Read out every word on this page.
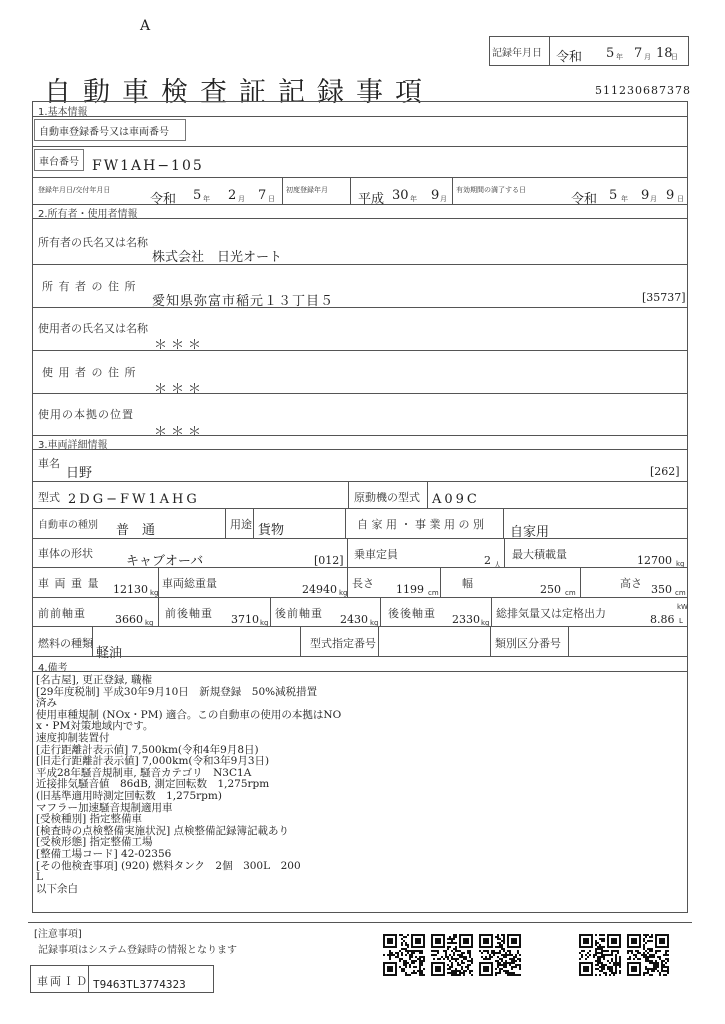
A
自動車検査証記録事項
記録年月日 令和 5 年 7 月 18
日
511230687378
1.基本情報
自動車登録番号又は車両番号
車台番号 FW1AH−105
登録年月日/交付年月日
令和 5 年 2 月 7 日
初度登録年月
平成 30 年 9 月
有効期間の満了する日
令和 5 年 9 月 9 日
2.所有者・使用者情報
所有者の氏名又は名称
株式会社　日光オート
所 有 者 の 住 所
愛知県弥富市稲元１３丁目５	[35737]
使用者の氏名又は名称
＊＊＊
使 用 者 の 住 所
＊＊＊
使用の本拠の位置
＊＊＊
3.車両詳細情報
車名
日野	[262]
型式 2DG−FW1AHG	原動機の型式 A09C
自動車の種別 普　通	用途 貨物	自 家 用 ・ 事 業 用 の 別
自家用
車体の形状
キャブオーバ	[012] 乗車定員	2 人
最大積載量	12700 kg
車 両 重 量 12130 kg
車両総重量	24940 kg
長さ 1199 cm
幅	250 cm
高さ 350 cm
前前軸重	3660 kg
前後軸重 3710 kg
後前軸重 2430 kg
後後軸重 2330 kg
総排気量又は定格出力	8.86
kW
L
燃料の種類
軽油
型式指定番号	類別区分番号
4.備考
[名古屋], 更正登録, 職権
[29年度税制] 平成30年9月10日　新規登録　50%減税措置
済み
使用車種規制 (NOx・PM) 適合。この自動車の使用の本拠はNO
x・PM対策地域内です。
速度抑制装置付
[走行距離計表示値] 7,500km(令和4年9月8日)
[旧走行距離計表示値] 7,000km(令和3年9月3日)
平成28年騒音規制車, 騒音カテゴリ　N3C1A
近接排気騒音値　86dB, 測定回転数　1,275rpm
(旧基準適用時測定回転数　1,275rpm)
マフラー加速騒音規制適用車
[受検種別] 指定整備車
[検査時の点検整備実施状況] 点検整備記録簿記載あり
[受検形態] 指定整備工場
[整備工場コード] 42-02356
[その他検査事項] (920) 燃料タンク　2個　300L　200
L
以下余白
[注意事項]
記録事項はシステム登録時の情報となります
車両ＩＤ T9463TL3774323
